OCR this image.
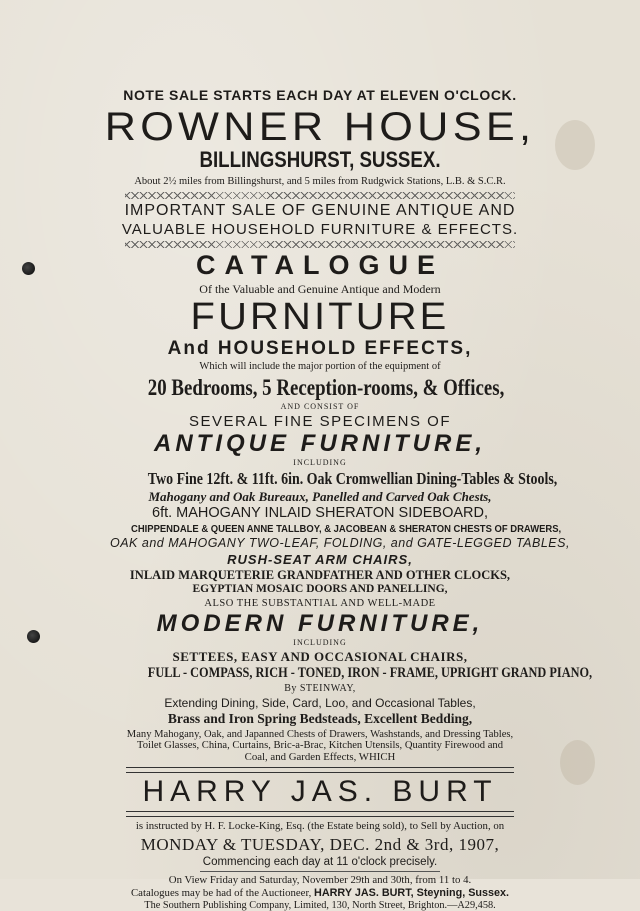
NOTE SALE STARTS EACH DAY AT ELEVEN O'CLOCK.
ROWNER HOUSE,
BILLINGSHURST, SUSSEX.
About 2½ miles from Billingshurst, and 5 miles from Rudgwick Stations, L.B. & S.C.R.
IMPORTANT SALE OF GENUINE ANTIQUE AND
VALUABLE HOUSEHOLD FURNITURE & EFFECTS.
CATALOGUE
Of the Valuable and Genuine Antique and Modern
FURNITURE
And HOUSEHOLD EFFECTS,
Which will include the major portion of the equipment of
20 Bedrooms, 5 Reception-rooms, & Offices,
AND CONSIST OF
SEVERAL FINE SPECIMENS OF
ANTIQUE FURNITURE,
INCLUDING
Two Fine 12ft. & 11ft. 6in. Oak Cromwellian Dining-Tables & Stools,
Mahogany and Oak Bureaux, Panelled and Carved Oak Chests,
6ft. MAHOGANY INLAID SHERATON SIDEBOARD,
CHIPPENDALE & QUEEN ANNE TALLBOY, & JACOBEAN & SHERATON CHESTS OF DRAWERS,
OAK and MAHOGANY TWO-LEAF, FOLDING, and GATE-LEGGED TABLES,
RUSH-SEAT ARM CHAIRS,
INLAID MARQUETERIE GRANDFATHER AND OTHER CLOCKS,
EGYPTIAN MOSAIC DOORS AND PANELLING,
ALSO THE SUBSTANTIAL AND WELL-MADE
MODERN FURNITURE,
INCLUDING
SETTEES, EASY AND OCCASIONAL CHAIRS,
FULL - COMPASS, RICH - TONED, IRON - FRAME, UPRIGHT GRAND PIANO,
By STEINWAY,
Extending Dining, Side, Card, Loo, and Occasional Tables,
Brass and Iron Spring Bedsteads, Excellent Bedding,
Many Mahogany, Oak, and Japanned Chests of Drawers, Washstands, and Dressing Tables,
Toilet Glasses, China, Curtains, Bric-a-Brac, Kitchen Utensils, Quantity Firewood and
Coal, and Garden Effects, WHICH
HARRY JAS. BURT
is instructed by H. F. Locke-King, Esq. (the Estate being sold), to Sell by Auction, on
MONDAY & TUESDAY, DEC. 2nd & 3rd, 1907,
Commencing each day at 11 o'clock precisely.
On View Friday and Saturday, November 29th and 30th, from 11 to 4.
Catalogues may be had of the Auctioneer, HARRY JAS. BURT, Steyning, Sussex.
The Southern Publishing Company, Limited, 130, North Street, Brighton.—A29,458.
